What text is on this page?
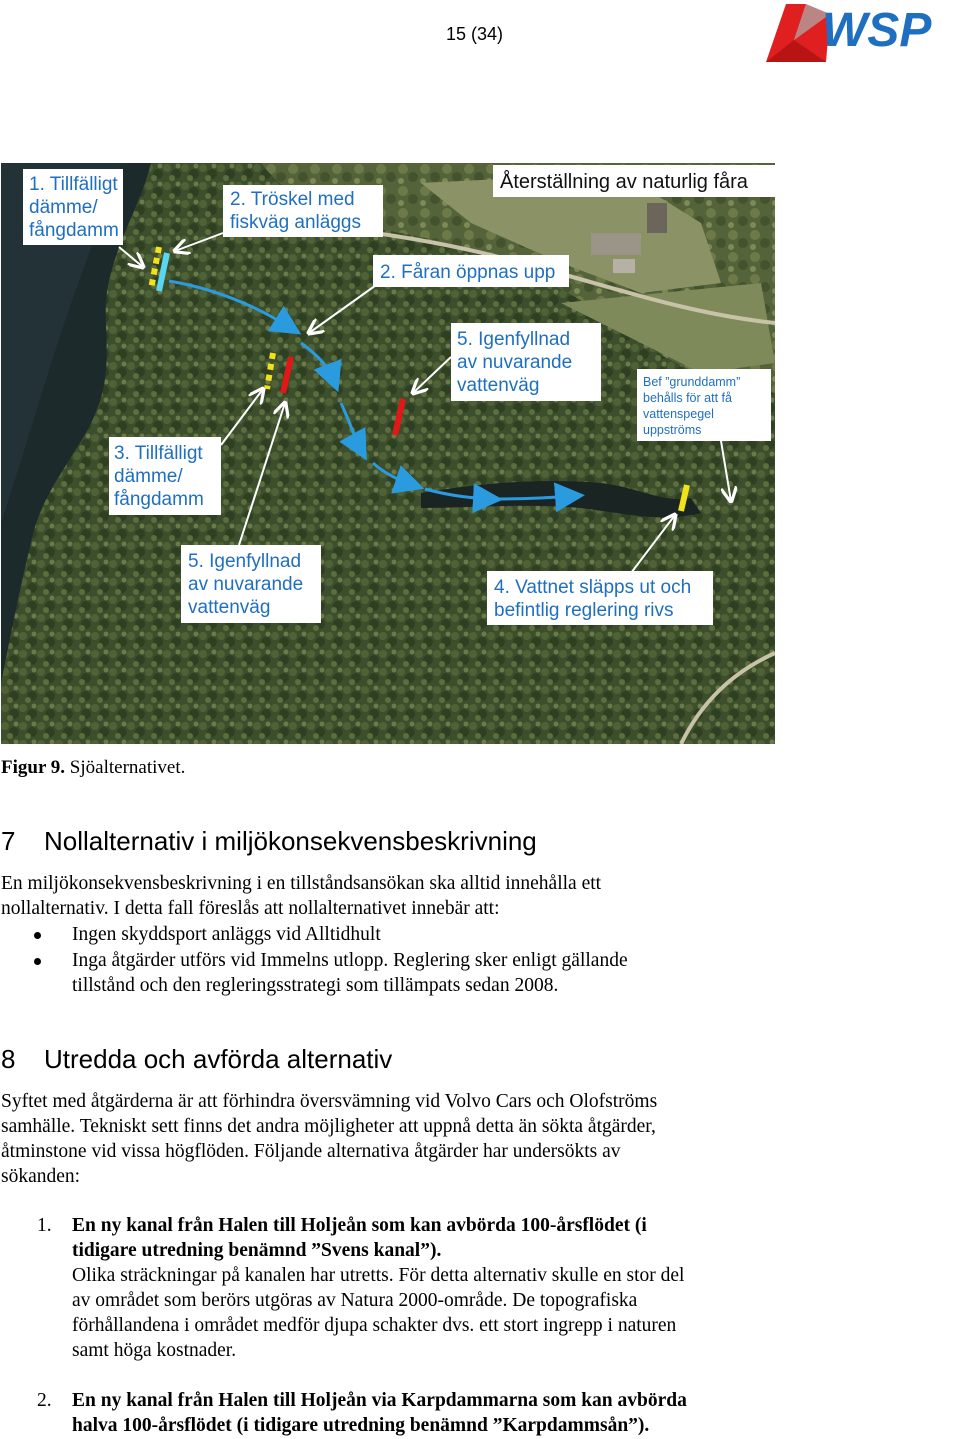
15 (34)	WSP
1. Tillfälligt dämme/ fångdamm
2. Tröskel med fiskväg anläggs
Återställning av naturlig fåra
2. Fåran öppnas upp
5. Igenfyllnad av nuvarande vattenväg	Bef ”grunddamm” behålls för att få vattenspegel uppströms
3. Tillfälligt dämme/ fångdamm
5. Igenfyllnad av nuvarande vattenväg
4. Vattnet släpps ut och befintlig reglering rivs
Figur 9. Sjöalternativet.
7 Nollalternativ i miljökonsekvensbeskrivning
En miljökonsekvensbeskrivning i en tillståndsansökan ska alltid innehålla ett
nollalternativ. I detta fall föreslås att nollalternativet innebär att:
Ingen skyddsport anläggs vid Alltidhult
Inga åtgärder utförs vid Immelns utlopp. Reglering sker enligt gällande
tillstånd och den regleringsstrategi som tillämpats sedan 2008.
8 Utredda och avförda alternativ
Syftet med åtgärderna är att förhindra översvämning vid Volvo Cars och Olofströms
samhälle. Tekniskt sett finns det andra möjligheter att uppnå detta än sökta åtgärder,
åtminstone vid vissa högflöden. Följande alternativa åtgärder har undersökts av
sökanden:
1. En ny kanal från Halen till Holjeån som kan avbörda 100-årsflödet (i
tidigare utredning benämnd ”Svens kanal”).
Olika sträckningar på kanalen har utretts. För detta alternativ skulle en stor del
av området som berörs utgöras av Natura 2000-område. De topografiska
förhållandena i området medför djupa schakter dvs. ett stort ingrepp i naturen
samt höga kostnader.
2. En ny kanal från Halen till Holjeån via Karpdammarna som kan avbörda
halva 100-årsflödet (i tidigare utredning benämnd ”Karpdammsån”).
